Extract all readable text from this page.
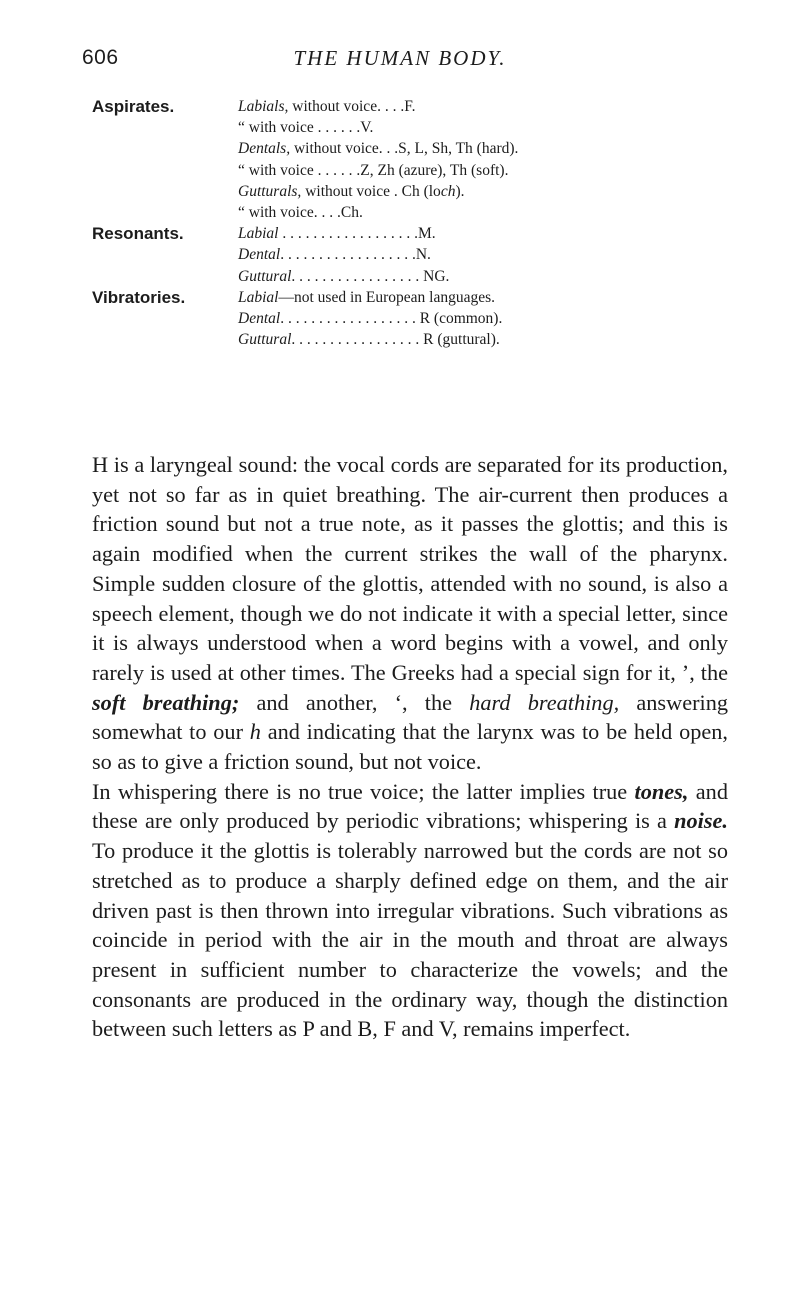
606	THE HUMAN BODY.
Aspirates.	Labials, without voice. . . .F.
“ with voice . . . . . .V.
Dentals, without voice. . .S, L, Sh, Th (hard).
“ with voice . . . . . .Z, Zh (azure), Th (soft).
Gutturals, without voice . Ch (loch).
“ with voice. . . .Ch.
Resonants.	Labial . . . . . . . . . . . . . . . . . .M.
Dental. . . . . . . . . . . . . . . . . .N.
Guttural. . . . . . . . . . . . . . . . . NG.
Vibratories.	Labial—not used in European languages.
Dental. . . . . . . . . . . . . . . . . . R (common).
Guttural. . . . . . . . . . . . . . . . . R (guttural).

H is a laryngeal sound: the vocal cords are separated for its production, yet not so far as in quiet breathing. The air-current then produces a friction sound but not a true note, as it passes the glottis; and this is again modified when the current strikes the wall of the pharynx. Simple sudden closure of the glottis, attended with no sound, is also a speech element, though we do not indicate it with a special letter, since it is always understood when a word begins with a vowel, and only rarely is used at other times. The Greeks had a special sign for it, ’, the soft breathing; and another, ‘, the hard breathing, answering somewhat to our h and indicating that the larynx was to be held open, so as to give a friction sound, but not voice.

In whispering there is no true voice; the latter implies true tones, and these are only produced by periodic vibrations; whispering is a noise. To produce it the glottis is tolerably narrowed but the cords are not so stretched as to produce a sharply defined edge on them, and the air driven past is then thrown into irregular vibrations. Such vibrations as coincide in period with the air in the mouth and throat are always present in sufficient number to characterize the vowels; and the consonants are produced in the ordinary way, though the distinction between such letters as P and B, F and V, remains imperfect.
